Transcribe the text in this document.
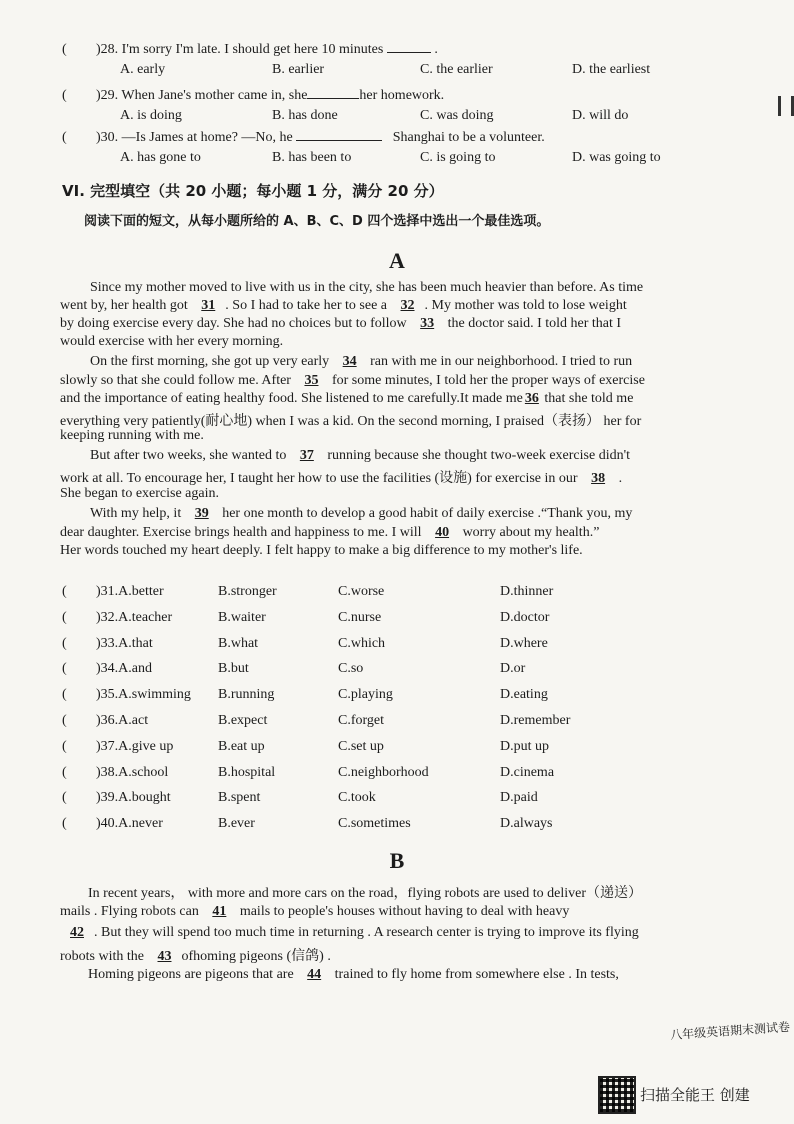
( )28. I'm sorry I'm late. I should get here 10 minutes	.
A. early	B. earlier	C. the earlier	D. the earliest
( )29. When Jane's mother came in, she	her homework.
A. is doing	B. has done	C. was doing	D. will do
( )30. —Is James at home? —No, he	Shanghai to be a volunteer.
A. has gone to	B. has been to	C. is going to	D. was going to
VI. 完型填空（共 20 小题；每小题 1 分，满分 20 分）
阅读下面的短文，从每小题所给的 A、B、C、D 四个选择中选出一个最佳选项。
A
Since my mother moved to live with us in the city, she has been much heavier than before. As time
went by, her health got 31 . So I had to take her to see a 32 . My mother was told to lose weight
by doing exercise every day. She had no choices but to follow 33 the doctor said. I told her that I
would exercise with her every morning.
On the first morning, she got up very early 34 ran with me in our neighborhood. I tried to run
slowly so that she could follow me. After 35 for some minutes, I told her the proper ways of exercise
and the importance of eating healthy food. She listened to me carefully.It made me 36 that she told me
everything very patiently(耐心地) when I was a kid. On the second morning, I praised（表扬） her for
keeping running with me.
But after two weeks, she wanted to 37 running because she thought two-week exercise didn't
work at all. To encourage her, I taught her how to use the facilities (设施) for exercise in our 38 .
She began to exercise again.
With my help, it 39 her one month to develop a good habit of daily exercise .“Thank you, my
dear daughter. Exercise brings health and happiness to me. I will 40 worry about my health.”
Her words touched my heart deeply. I felt happy to make a big difference to my mother's life.
( )31.A.better	B.stronger	C.worse	D.thinner
( )32.A.teacher	B.waiter	C.nurse	D.doctor
( )33.A.that	B.what	C.which	D.where
( )34.A.and	B.but	C.so	D.or
( )35.A.swimming B.running	C.playing	D.eating
( )36.A.act	B.expect	C.forget	D.remember
( )37.A.give up	B.eat up	C.set up	D.put up
( )38.A.school	B.hospital	C.neighborhood	D.cinema
( )39.A.bought	B.spent	C.took	D.paid
( )40.A.never	B.ever	C.sometimes	D.always
B
In recent years， with more and more cars on the road，flying robots are used to deliver（递送）
mails . Flying robots can 41 mails to people's houses without having to deal with heavy
42 . But they will spend too much time in returning . A research center is trying to improve its flying
robots with the 43 ofhoming pigeons (信鸽) .
Homing pigeons are pigeons that are 44 trained to fly home from somewhere else . In tests,
八年级英语期末测试卷
扫描全能王 创建
